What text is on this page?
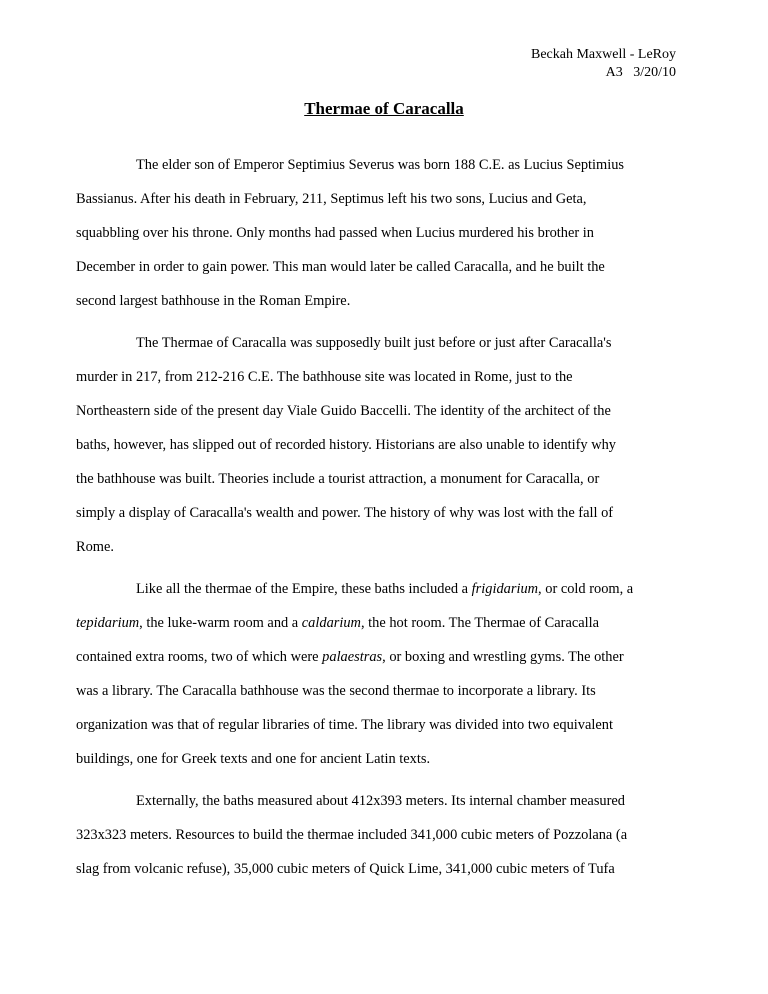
Beckah Maxwell - LeRoy
A3   3/20/10
Thermae of Caracalla
The elder son of Emperor Septimius Severus was born 188 C.E. as Lucius Septimius
Bassianus. After his death in February, 211, Septimus left his two sons, Lucius and Geta,
squabbling over his throne. Only months had passed when Lucius murdered his brother in
December in order to gain power. This man would later be called Caracalla, and he built the
second largest bathhouse in the Roman Empire.
The Thermae of Caracalla was supposedly built just before or just after Caracalla's
murder in 217, from 212-216 C.E. The bathhouse site was located in Rome, just to the
Northeastern side of the present day Viale Guido Baccelli. The identity of the architect of the
baths, however, has slipped out of recorded history. Historians are also unable to identify why
the bathhouse was built. Theories include a tourist attraction, a monument for Caracalla, or
simply a display of Caracalla's wealth and power. The history of why was lost with the fall of
Rome.
Like all the thermae of the Empire, these baths included a frigidarium, or cold room, a
tepidarium, the luke-warm room and a caldarium, the hot room. The Thermae of Caracalla
contained extra rooms, two of which were palaestras, or boxing and wrestling gyms. The other
was a library. The Caracalla bathhouse was the second thermae to incorporate a library. Its
organization was that of regular libraries of time. The library was divided into two equivalent
buildings, one for Greek texts and one for ancient Latin texts.
Externally, the baths measured about 412x393 meters. Its internal chamber measured
323x323 meters. Resources to build the thermae included 341,000 cubic meters of Pozzolana (a
slag from volcanic refuse), 35,000 cubic meters of Quick Lime, 341,000 cubic meters of Tufa
